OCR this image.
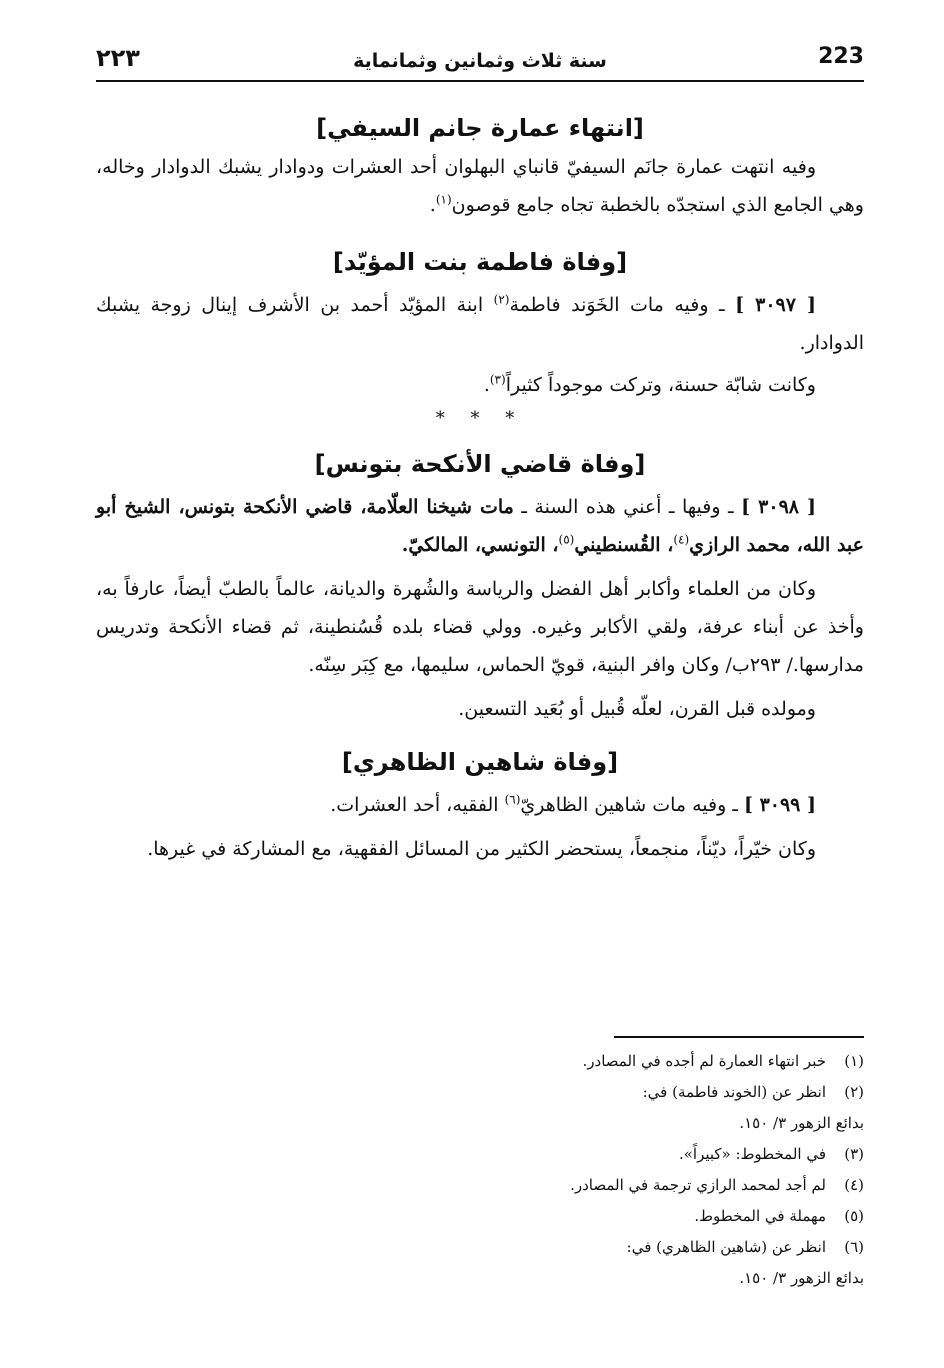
٢٢٣	سنة ثلاث وثمانين وثمانماية	223
[انتهاء عمارة جانم السيفي]

وفيه انتهت عمارة جانَم السيفيّ قانباي البهلوان أحد العشرات ودوادار يشبك الدوادار وخاله، وهي الجامع الذي استجدّه بالخطبة تجاه جامع قوصون$^{(١)}$.

[وفاة فاطمة بنت المؤيّد]

[ ٣٠٩٧ ] ـ وفيه مات الخَوَند فاطمة$^{(٢)}$ ابنة المؤيّد أحمد بن الأشرف إينال زوجة يشبك الدوادار.

وكانت شابّة حسنة، وتركت موجوداً كثيراً$^{(٣)}$.

* * *
[وفاة قاضي الأنكحة بتونس]

[ ٣٠٩٨ ] ـ وفيها ـ أعني هذه السنة ـ مات شيخنا العلّامة، قاضي الأنكحة بتونس، الشيخ أبو عبد الله، محمد الرازي$^{(٤)}$، القُسنطيني$^{(٥)}$، التونسي، المالكيّ.

وكان من العلماء وأكابر أهل الفضل والرياسة والشُهرة والديانة، عالماً بالطبّ أيضاً، عارفاً به، وأخذ عن أبناء عرفة، ولقي الأكابر وغيره. وولي قضاء بلده قُسُنطينة، ثم قضاء الأنكحة وتدريس مدارسها./ ٢٩٣ب/ وكان وافر البنية، قويّ الحماس، سليمها، مع كِبَر سِنّه.

ومولده قبل القرن، لعلّه قُبيل أو بُعَيد التسعين.

[وفاة شاهين الظاهري]

[ ٣٠٩٩ ] ـ وفيه مات شاهين الظاهريّ$^{(٦)}$ الفقيه، أحد العشرات.

وكان خيّراً، ديّناً، منجمعاً، يستحضر الكثير من المسائل الفقهية، مع المشاركة في غيرها.

(١)
خبر انتهاء العمارة لم أجده في المصادر.
(٢)
انظر عن (الخوند فاطمة) في:
بدائع الزهور ٣/ ١٥٠.
(٣)
في المخطوط: «كبيراً».
(٤)
لم أجد لمحمد الرازي ترجمة في المصادر.
(٥)
مهملة في المخطوط.
(٦)
انظر عن (شاهين الظاهري) في:
بدائع الزهور ٣/ ١٥٠.
